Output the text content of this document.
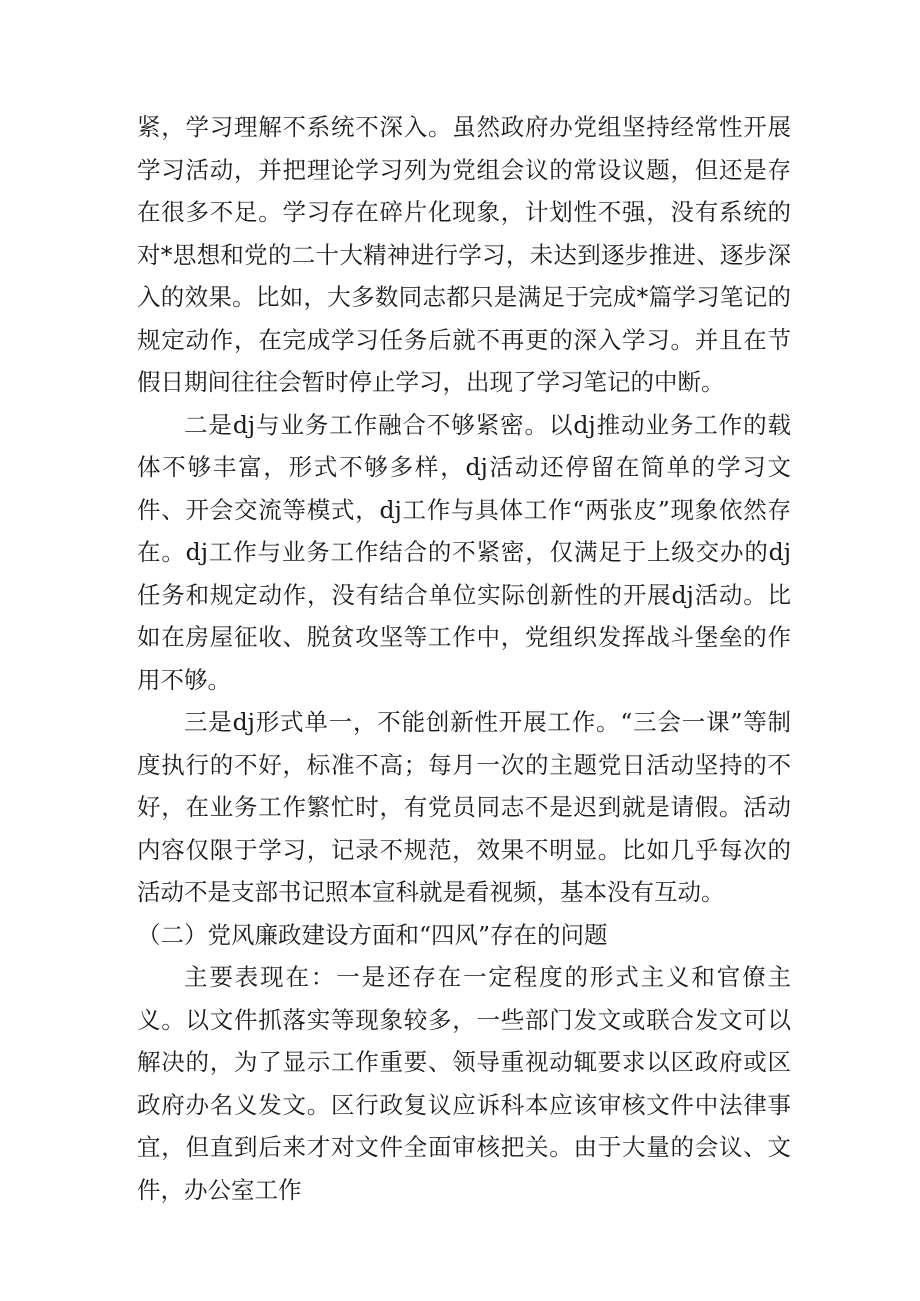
紧，学习理解不系统不深入。虽然政府办党组坚持经常性开展学习活动，并把理论学习列为党组会议的常设议题，但还是存在很多不足。学习存在碎片化现象，计划性不强，没有系统的对*思想和党的二十大精神进行学习，未达到逐步推进、逐步深入的效果。比如，大多数同志都只是满足于完成*篇学习笔记的规定动作，在完成学习任务后就不再更的深入学习。并且在节假日期间往往会暂时停止学习，出现了学习笔记的中断。

二是dj与业务工作融合不够紧密。以dj推动业务工作的载体不够丰富，形式不够多样，dj活动还停留在简单的学习文件、开会交流等模式，dj工作与具体工作“两张皮”现象依然存在。dj工作与业务工作结合的不紧密，仅满足于上级交办的dj任务和规定动作，没有结合单位实际创新性的开展dj活动。比如在房屋征收、脱贫攻坚等工作中，党组织发挥战斗堡垒的作用不够。

三是dj形式单一，不能创新性开展工作。“三会一课”等制度执行的不好，标准不高；每月一次的主题党日活动坚持的不好，在业务工作繁忙时，有党员同志不是迟到就是请假。活动内容仅限于学习，记录不规范，效果不明显。比如几乎每次的活动不是支部书记照本宣科就是看视频，基本没有互动。

（二）党风廉政建设方面和“四风”存在的问题

主要表现在：一是还存在一定程度的形式主义和官僚主义。以文件抓落实等现象较多，一些部门发文或联合发文可以解决的，为了显示工作重要、领导重视动辄要求以区政府或区政府办名义发文。区行政复议应诉科本应该审核文件中法律事宜，但直到后来才对文件全面审核把关。由于大量的会议、文件，办公室工作
